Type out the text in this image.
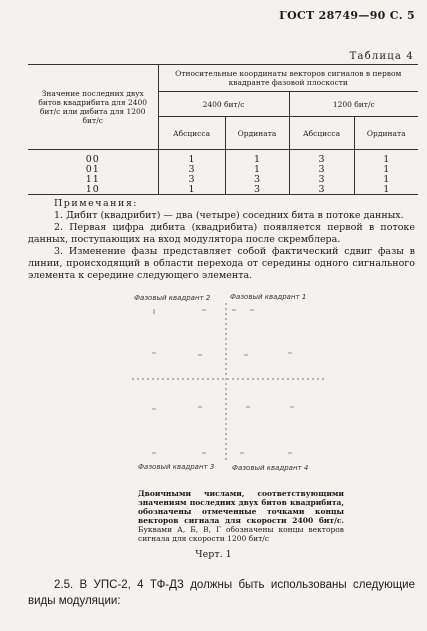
ГОСТ 28749—90 С. 5
Таблица 4
Значение последних двух битов квадрибита для 2400 бит/с или дибита для 1200 бит/с	Относительные координаты векторов сигналов в первом квадранте фазовой плоскости			
	2400 бит/с		1200 бит/с	
	Абсцисса	Ордината	Абсцисса	Ордината

00	1	1	3	1
01	3	1	3	1
11	3	3	3	1
10	1	3	3	1
Примечания:

1. Дибит (квадрибит) — два (четыре) соседних бита в потоке данных.

2. Первая цифра дибита (квадрибита) появляется первой в потоке данных, поступающих на вход модулятора после скремблера.

3. Изменение фазы представляет собой фактический сдвиг фазы в линии, происходящий в области перехода от середины одного сигнального элемента к середине следующего элемента.

Фазовый квадрант 2	Фазовый квадрант 1
Фазовый квадрант 3	Фазовый квадрант 4
Двоичными числами, соответствующими значениям последних двух битов квадрибита, обозначены отмеченные точками концы векторов сигнала для скорости 2400 бит/с. Буквами А, Б, В, Г обозначены концы векторов сигнала для скорости 1200 бит/с
Черт. 1

2.5. В УПС-2, 4 ТФ-ДЗ должны быть использованы следующие виды модуляции:
